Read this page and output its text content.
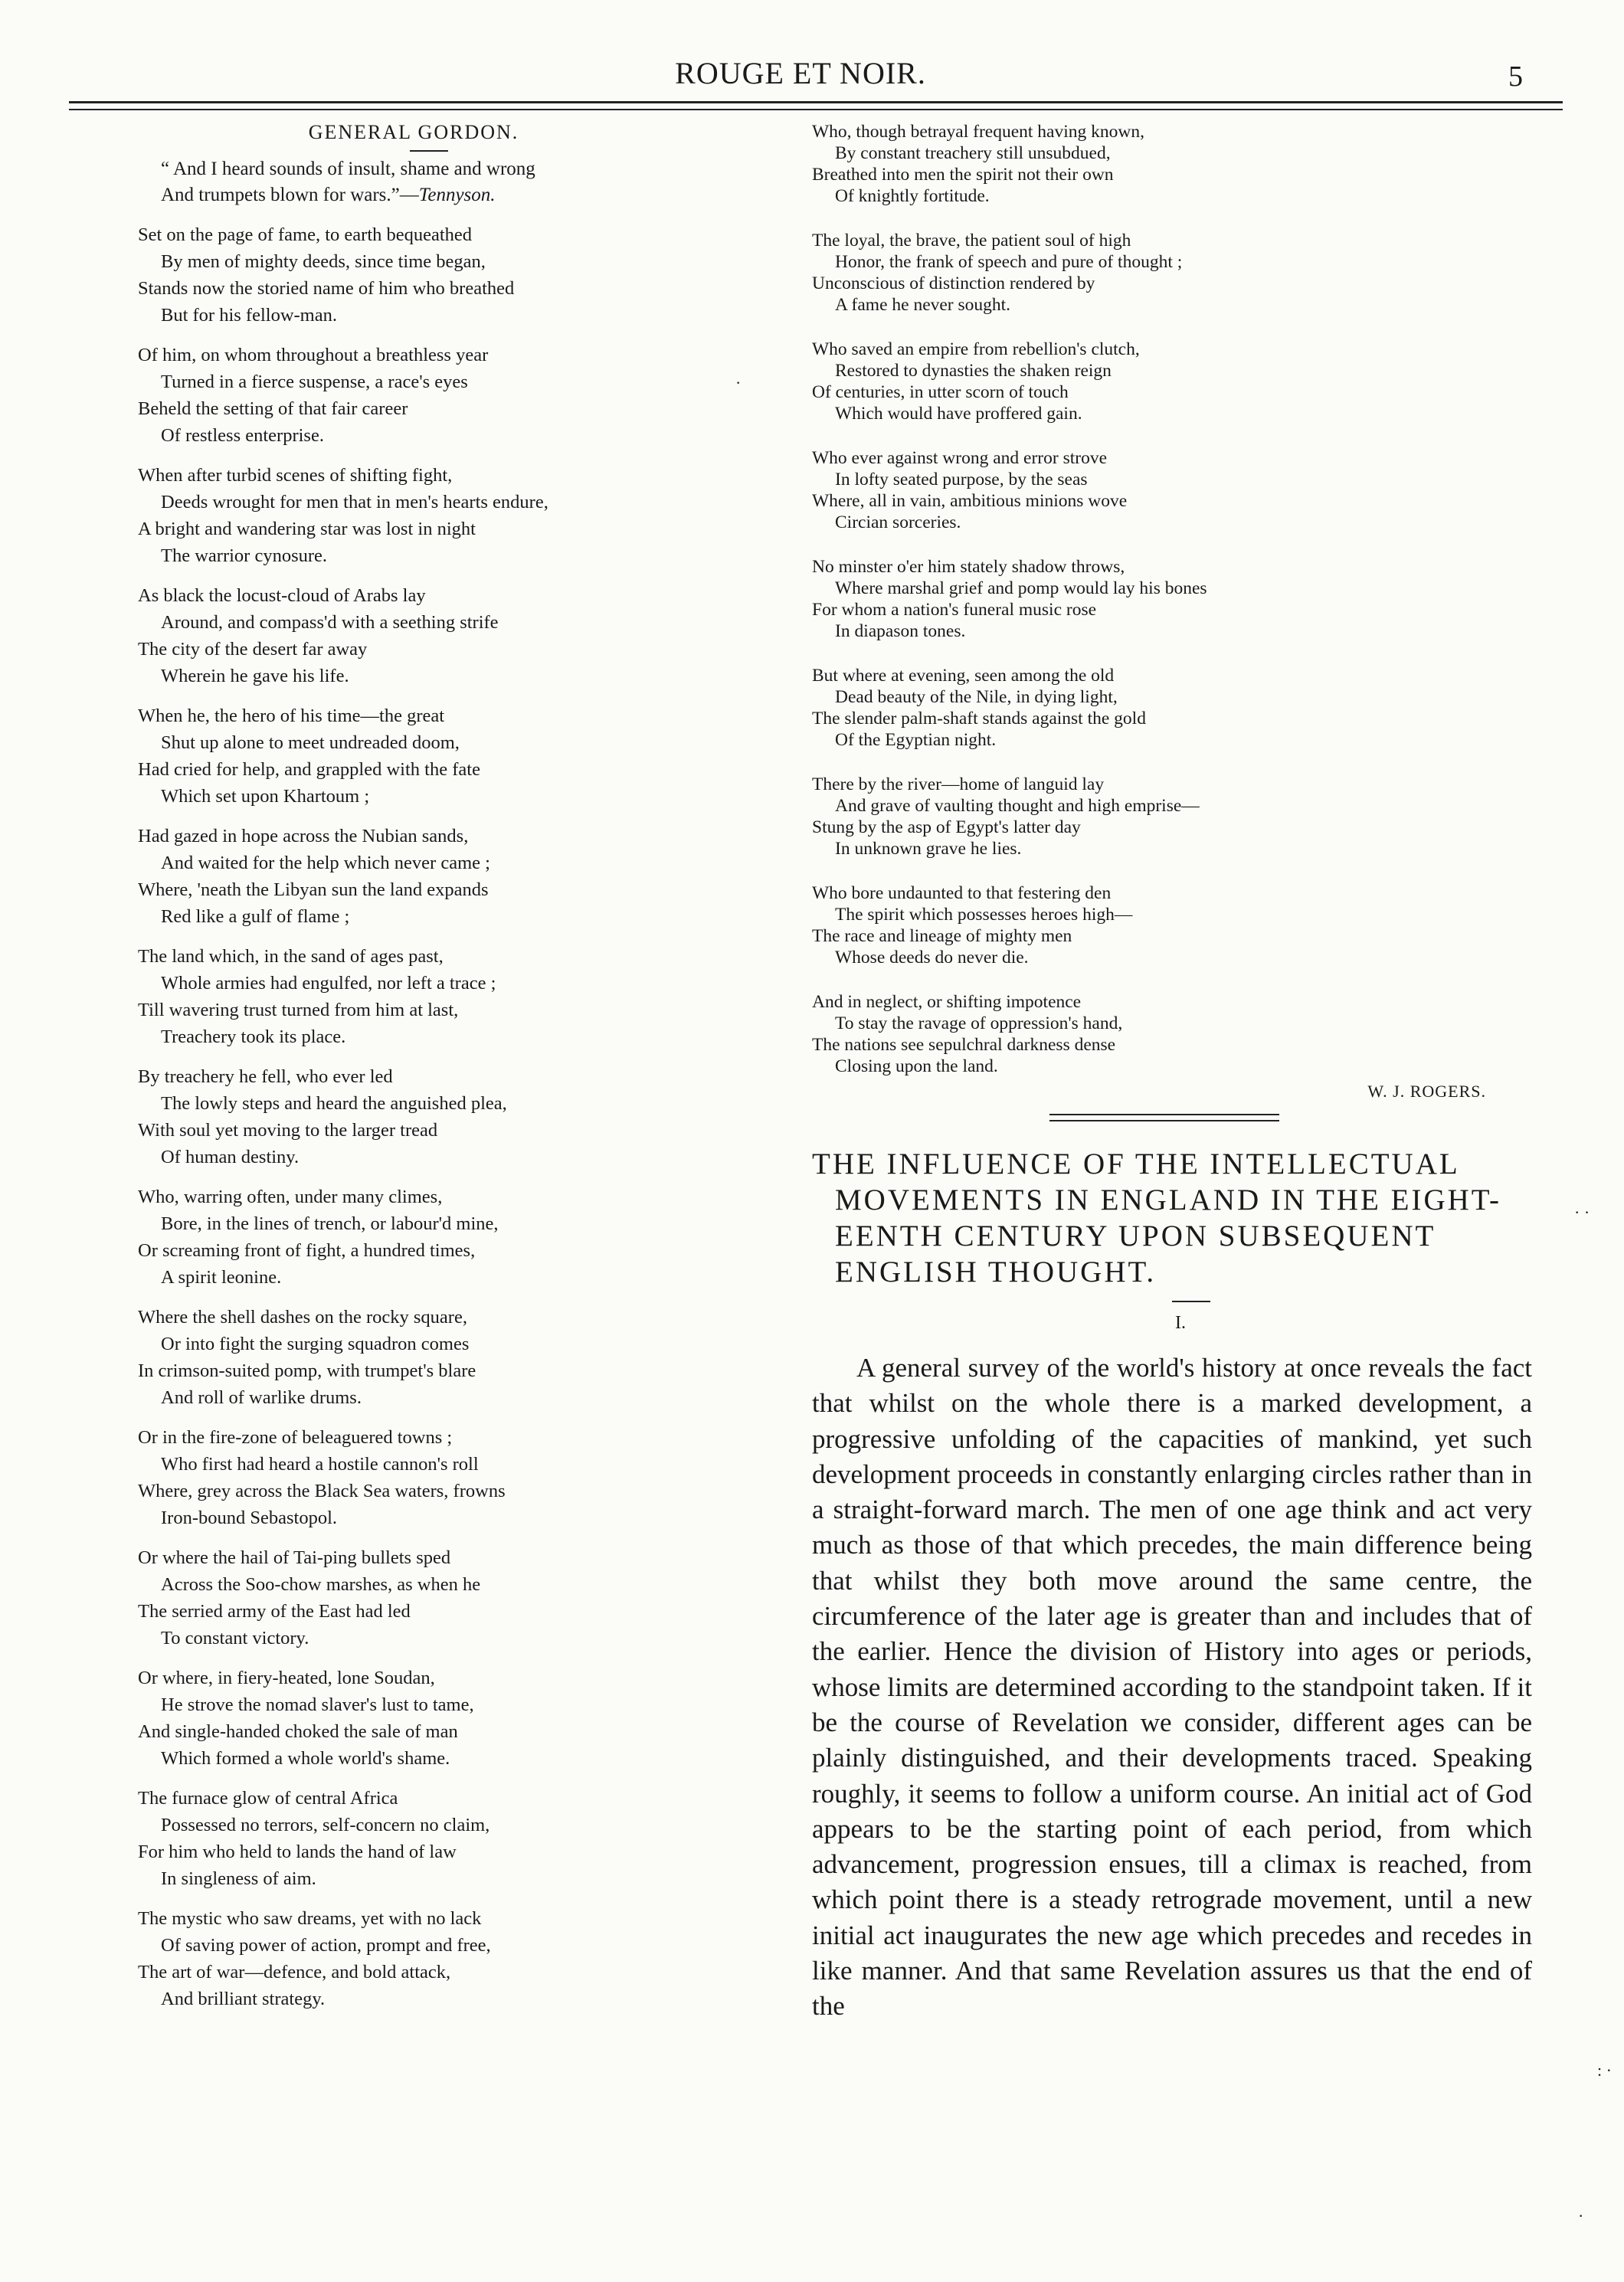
ROUGE ET NOIR.	5
GENERAL GORDON.
“ And I heard sounds of insult, shame and wrong
And trumpets blown for wars.”—Tennyson.
Set on the page of fame, to earth bequeathed
By men of mighty deeds, since time began,
Stands now the storied name of him who breathed
But for his fellow-man.
Of him, on whom throughout a breathless year
Turned in a fierce suspense, a race's eyes
Beheld the setting of that fair career
Of restless enterprise.
When after turbid scenes of shifting fight,
Deeds wrought for men that in men's hearts endure,
A bright and wandering star was lost in night
The warrior cynosure.
As black the locust-cloud of Arabs lay
Around, and compass'd with a seething strife
The city of the desert far away
Wherein he gave his life.
When he, the hero of his time—the great
Shut up alone to meet undreaded doom,
Had cried for help, and grappled with the fate
Which set upon Khartoum ;
Had gazed in hope across the Nubian sands,
And waited for the help which never came ;
Where, 'neath the Libyan sun the land expands
Red like a gulf of flame ;
The land which, in the sand of ages past,
Whole armies had engulfed, nor left a trace ;
Till wavering trust turned from him at last,
Treachery took its place.
By treachery he fell, who ever led
The lowly steps and heard the anguished plea,
With soul yet moving to the larger tread
Of human destiny.
Who, warring often, under many climes,
Bore, in the lines of trench, or labour'd mine,
Or screaming front of fight, a hundred times,
A spirit leonine.
Where the shell dashes on the rocky square,
Or into fight the surging squadron comes
In crimson-suited pomp, with trumpet's blare
And roll of warlike drums.
Or in the fire-zone of beleaguered towns ;
Who first had heard a hostile cannon's roll
Where, grey across the Black Sea waters, frowns
Iron-bound Sebastopol.
Or where the hail of Tai-ping bullets sped
Across the Soo-chow marshes, as when he
The serried army of the East had led
To constant victory.
Or where, in fiery-heated, lone Soudan,
He strove the nomad slaver's lust to tame,
And single-handed choked the sale of man
Which formed a whole world's shame.
The furnace glow of central Africa
Possessed no terrors, self-concern no claim,
For him who held to lands the hand of law
In singleness of aim.
The mystic who saw dreams, yet with no lack
Of saving power of action, prompt and free,
The art of war—defence, and bold attack,
And brilliant strategy.
Who, though betrayal frequent having known,
By constant treachery still unsubdued,
Breathed into men the spirit not their own
Of knightly fortitude.
The loyal, the brave, the patient soul of high
Honor, the frank of speech and pure of thought ;
Unconscious of distinction rendered by
A fame he never sought.
Who saved an empire from rebellion's clutch,
Restored to dynasties the shaken reign
Of centuries, in utter scorn of touch
Which would have proffered gain.
Who ever against wrong and error strove
In lofty seated purpose, by the seas
Where, all in vain, ambitious minions wove
Circian sorceries.
No minster o'er him stately shadow throws,
Where marshal grief and pomp would lay his bones
For whom a nation's funeral music rose
In diapason tones.
But where at evening, seen among the old
Dead beauty of the Nile, in dying light,
The slender palm-shaft stands against the gold
Of the Egyptian night.
There by the river—home of languid lay
And grave of vaulting thought and high emprise—
Stung by the asp of Egypt's latter day
In unknown grave he lies.
Who bore undaunted to that festering den
The spirit which possesses heroes high—
The race and lineage of mighty men
Whose deeds do never die.
And in neglect, or shifting impotence
To stay the ravage of oppression's hand,
The nations see sepulchral darkness dense
Closing upon the land.
W. J. ROGERS.
THE INFLUENCE OF THE INTELLECTUAL
MOVEMENTS IN ENGLAND IN THE EIGHT-
EENTH CENTURY UPON SUBSEQUENT
ENGLISH THOUGHT.
I.
A general survey of the world's history at once reveals the fact that whilst on the whole there is a marked development, a progressive unfolding of the capacities of mankind, yet such development proceeds in constantly enlarging circles rather than in a straight-forward march. The men of one age think and act very much as those of that which precedes, the main difference being that whilst they both move around the same centre, the circumference of the later age is greater than and includes that of the earlier. Hence the division of History into ages or periods, whose limits are determined according to the standpoint taken. If it be the course of Revelation we consider, different ages can be plainly distinguished, and their developments traced. Speaking roughly, it seems to follow a uniform course. An initial act of God appears to be the starting point of each period, from which advancement, progression ensues, till a climax is reached, from which point there is a steady retrograde movement, until a new initial act inaugurates the new age which precedes and recedes in like manner. And that same Revelation assures us that the end of the
· ·
: ·
·
·
